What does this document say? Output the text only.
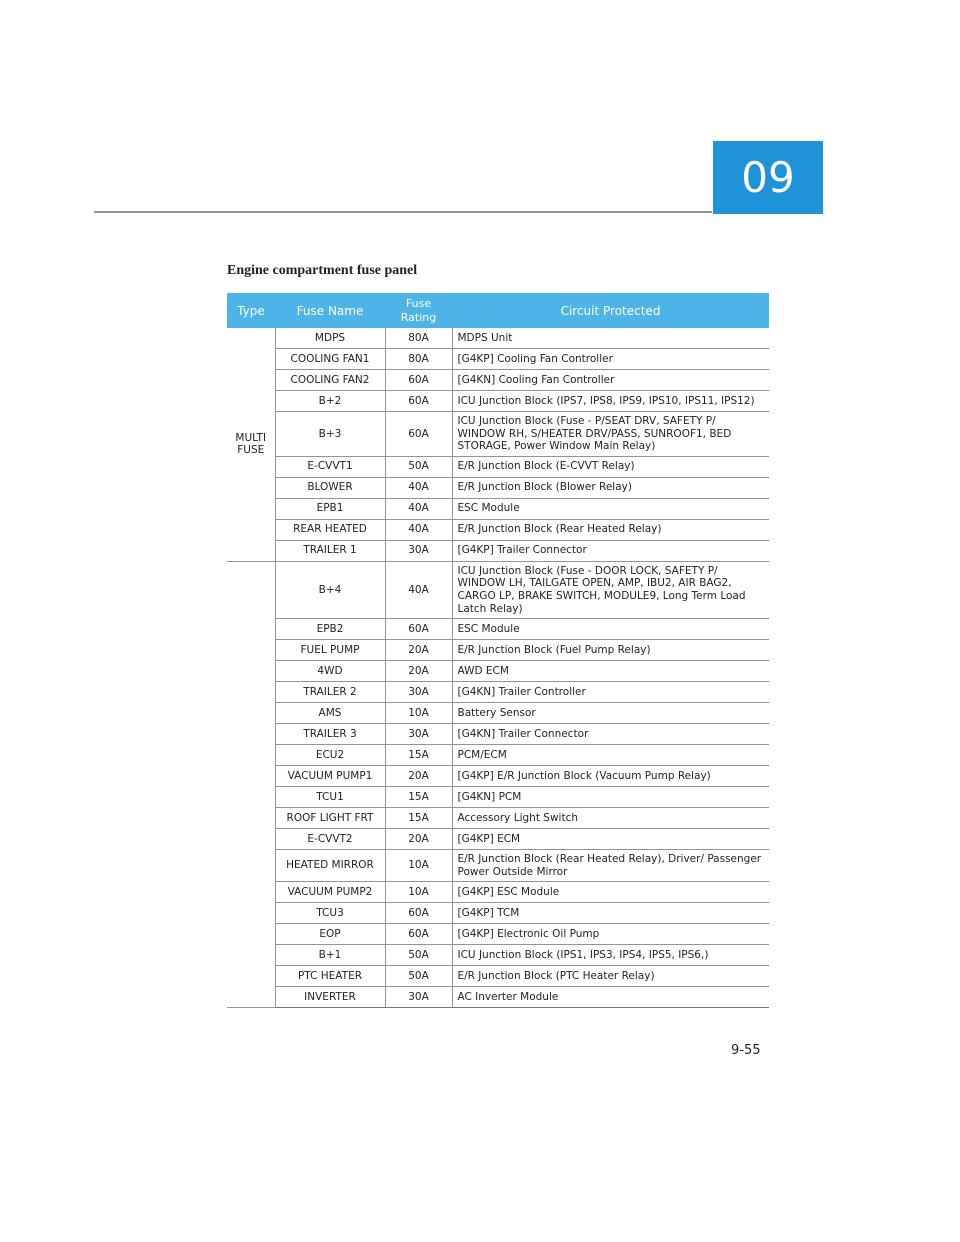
09
Engine compartment fuse panel
Type	Fuse Name	Fuse Rating	Circuit Protected
MULTI FUSE	MDPS	80A	MDPS Unit
	COOLING FAN1	80A	[G4KP] Cooling Fan Controller
	COOLING FAN2	60A	[G4KN] Cooling Fan Controller
	B+2	60A	ICU Junction Block (IPS7, IPS8, IPS9, IPS10, IPS11, IPS12)
	B+3	60A	ICU Junction Block (Fuse - P/SEAT DRV, SAFETY P/ WINDOW RH, S/HEATER DRV/PASS, SUNROOF1, BED STORAGE, Power Window Main Relay)
	E-CVVT1	50A	E/R Junction Block (E-CVVT Relay)
	BLOWER	40A	E/R Junction Block (Blower Relay)
	EPB1	40A	ESC Module
	REAR HEATED	40A	E/R Junction Block (Rear Heated Relay)
	TRAILER 1	30A	[G4KP] Trailer Connector
	B+4	40A	ICU Junction Block (Fuse - DOOR LOCK, SAFETY P/ WINDOW LH, TAILGATE OPEN, AMP, IBU2, AIR BAG2, CARGO LP, BRAKE SWITCH, MODULE9, Long Term Load Latch Relay)
	EPB2	60A	ESC Module
	FUEL PUMP	20A	E/R Junction Block (Fuel Pump Relay)
	4WD	20A	AWD ECM
	TRAILER 2	30A	[G4KN] Trailer Controller
	AMS	10A	Battery Sensor
	TRAILER 3	30A	[G4KN] Trailer Connector
	ECU2	15A	PCM/ECM
	VACUUM PUMP1	20A	[G4KP] E/R Junction Block (Vacuum Pump Relay)
	TCU1	15A	[G4KN] PCM
	ROOF LIGHT FRT	15A	Accessory Light Switch
	E-CVVT2	20A	[G4KP] ECM
	HEATED MIRROR	10A	E/R Junction Block (Rear Heated Relay), Driver/ Passenger Power Outside Mirror
	VACUUM PUMP2	10A	[G4KP] ESC Module
	TCU3	60A	[G4KP] TCM
	EOP	60A	[G4KP] Electronic Oil Pump
	B+1	50A	ICU Junction Block (IPS1, IPS3, IPS4, IPS5, IPS6,)
	PTC HEATER	50A	E/R Junction Block (PTC Heater Relay)
	INVERTER	30A	AC Inverter Module
9-55
